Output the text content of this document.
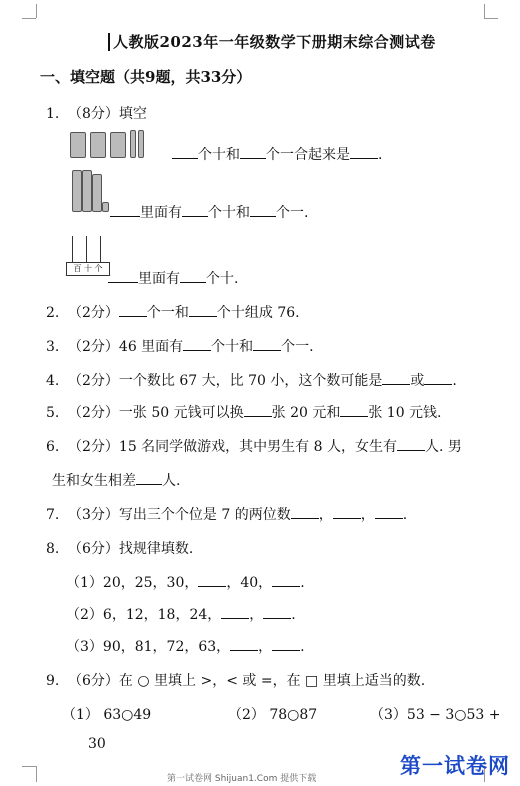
人教版2023年一年级数学下册期末综合测试卷
一、填空题（共9题，共33分）
1. （8分）填空
个十和 个一合起来是 .
里面有 个十和 个一.
百 十 个
里面有 个十.
2. （2分） 个一和 个十组成 76.
3. （2分）46 里面有 个十和 个一.
4. （2分）一个数比 67 大，比 70 小，这个数可能是 或 .
5. （2分）一张 50 元钱可以换 张 20 元和 张 10 元钱.
6. （2分）15 名同学做游戏，其中男生有 8 人，女生有 人. 男
生和女生相差 人.
7. （3分）写出三个个位是 7 的两位数 ， ， .
8. （6分）找规律填数.
（1）20，25，30， ，40， .
（2）6，12，18，24， ， .
（3）90，81，72，63， ， .
9. （6分）在 ○ 里填上 >，< 或 =，在 □ 里填上适当的数.
（1） 63○49	（2） 78○87	（3）53 − 3○53 +
30
第一试卷网 Shijuan1.Com 提供下载
第一试卷网
